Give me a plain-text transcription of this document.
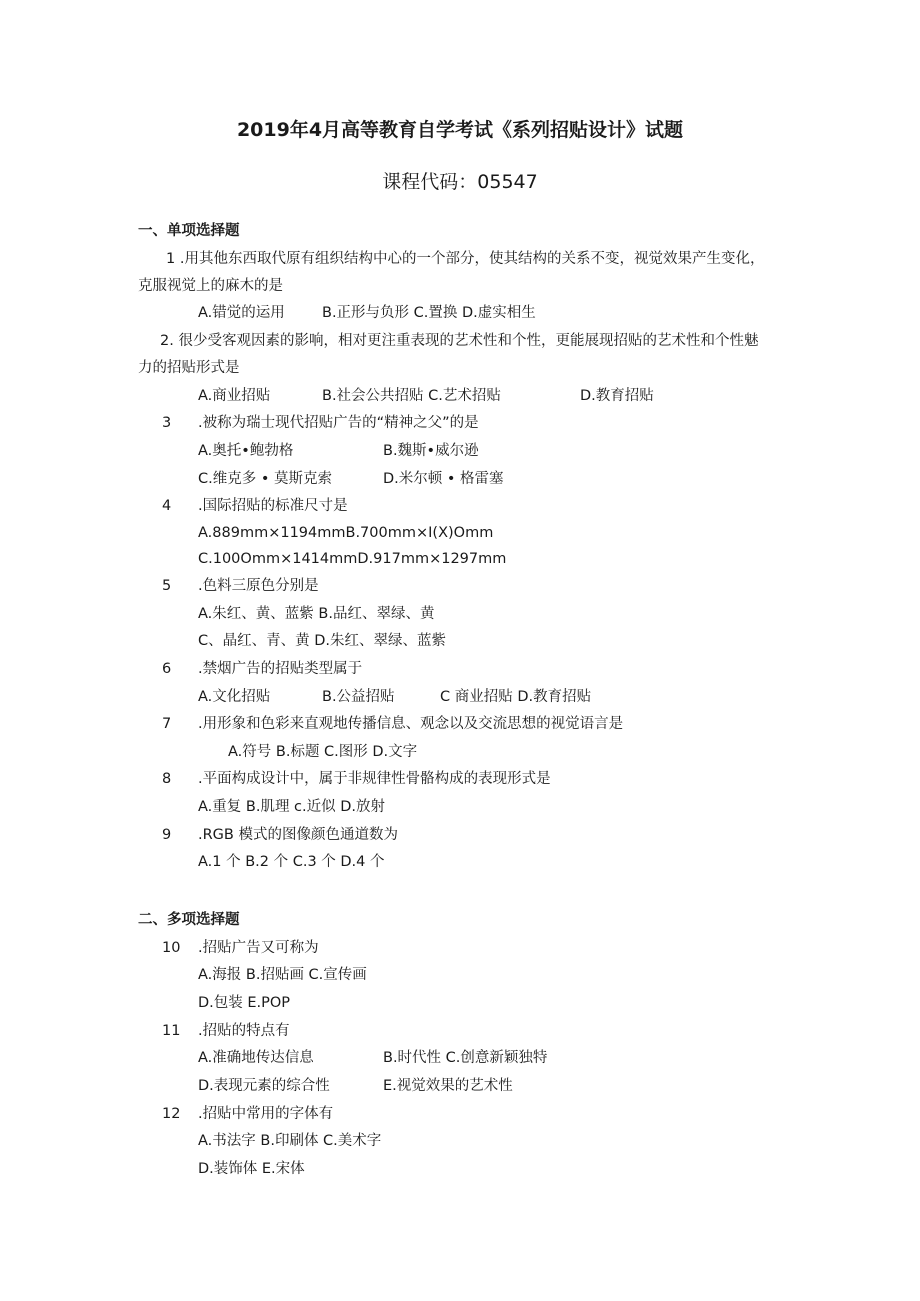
2019年4月高等教育自学考试《系列招贴设计》试题
课程代码：05547
一、单项选择题
1 .用其他东西取代原有组织结构中心的一个部分，使其结构的关系不变，视觉效果产生变化，
克服视觉上的麻木的是
A.错觉的运用	B.正形与负形 C.置换 D.虚实相生
2. 很少受客观因素的影响，相对更注重表现的艺术性和个性，更能展现招贴的艺术性和个性魅
力的招贴形式是
A.商业招贴	B.社会公共招贴 C.艺术招贴	D.教育招贴
3	.被称为瑞士现代招贴广告的“精神之父”的是
A.奥托•鲍勃格	B.魏斯•威尔逊
C.维克多 • 莫斯克索	D.米尔顿 • 格雷塞
4	.国际招贴的标准尺寸是
A.889mm×1194mmB.700mm×I(X)Omm
C.100Omm×1414mmD.917mm×1297mm
5	.色料三原色分别是
A.朱红、黄、蓝紫 B.品红、翠绿、黄
C、晶红、青、黄 D.朱红、翠绿、蓝紫
6	.禁烟广告的招贴类型属于
A.文化招贴	B.公益招贴	C 商业招贴 D.教育招贴
7	.用形象和色彩来直观地传播信息、观念以及交流思想的视觉语言是
A.符号 B.标题 C.图形 D.文字
8	.平面构成设计中，属于非规律性骨骼构成的表现形式是
A.重复 B.肌理 c.近似 D.放射
9	.RGB 模式的图像颜色通道数为
A.1 个 B.2 个 C.3 个 D.4 个
二、多项选择题
10	.招贴广告又可称为
A.海报 B.招贴画 C.宣传画
D.包装 E.POP
11	.招贴的特点有
A.准确地传达信息	B.时代性 C.创意新颖独特
D.表现元素的综合性	E.视觉效果的艺术性
12	.招贴中常用的字体有
A.书法字 B.印刷体 C.美术字
D.装饰体 E.宋体
